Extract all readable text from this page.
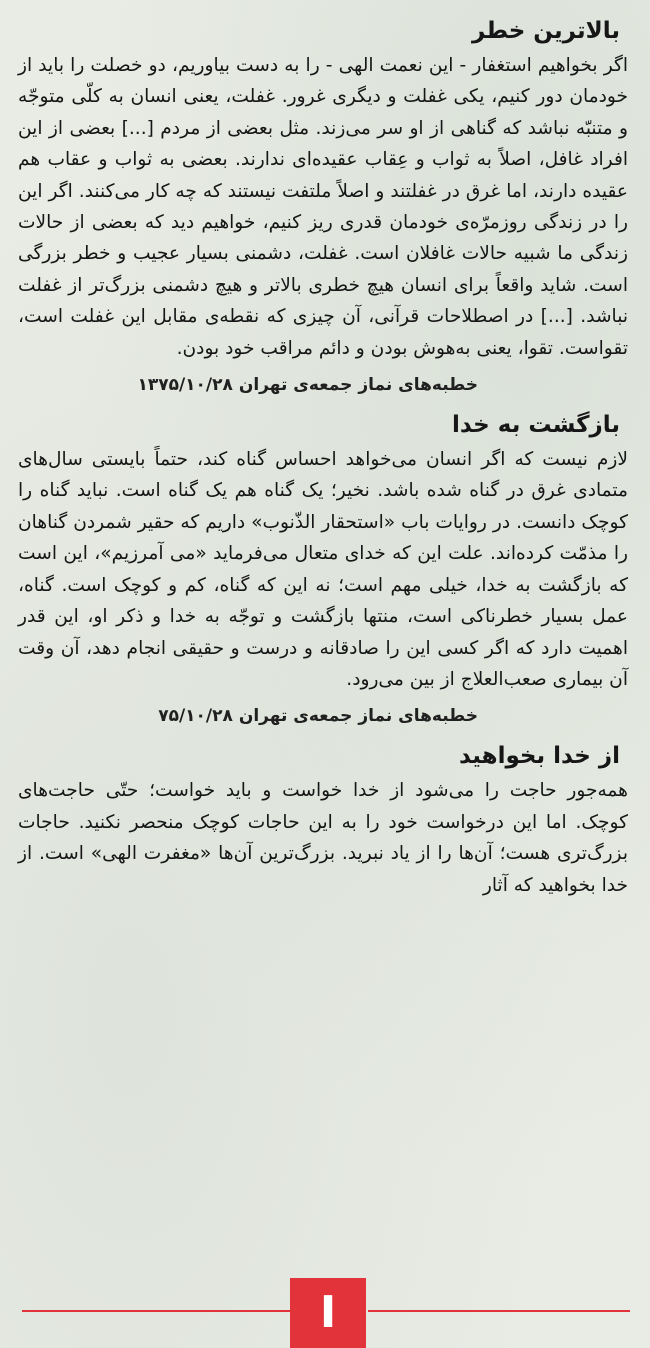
بالاترین خطر

اگر بخواهیم استغفار - این نعمت الهی - را به دست بیاوریم، دو خصلت را باید از خودمان دور کنیم، یکی غفلت و دیگری غرور. غفلت، یعنی انسان به کلّی متوجّه و متنبّه نباشد که گناهی از او سر می‌زند. مثل بعضی از مردم [...] بعضی از این افراد غافل، اصلاً به ثواب و عِقاب عقیده‌ای ندارند. بعضی به ثواب و عقاب هم عقیده دارند، اما غرق در غفلتند و اصلاً ملتفت نیستند که چه کار می‌کنند. اگر این را در زندگی روزمرّه‌ی خودمان قدری ریز کنیم، خواهیم دید که بعضی از حالات زندگی ما شبیه حالات غافلان است. غفلت، دشمنی بسیار عجیب و خطر بزرگی است. شاید واقعاً برای انسان هیچ خطری بالاتر و هیچ دشمنی بزرگ‌تر از غفلت نباشد. [...] در اصطلاحات قرآنی، آن چیزی که نقطه‌ی مقابل این غفلت است، تقواست. تقوا، یعنی به‌هوش بودن و دائم مراقب خود بودن.

خطبه‌های نماز جمعه‌ی تهران ۱۳۷۵/۱۰/۲۸
بازگشت به خدا

لازم نیست که اگر انسان می‌خواهد احساس گناه کند، حتماً بایستی سال‌های متمادی غرق در گناه شده باشد. نخیر؛ یک گناه هم یک گناه است. نباید گناه را کوچک دانست. در روایات باب «استحقار الذّنوب» داریم که حقیر شمردن گناهان را مذمّت کرده‌اند. علت این که خدای متعال می‌فرماید «می آمرزیم»، این است که بازگشت به خدا، خیلی مهم است؛ نه این که گناه، کم و کوچک است. گناه، عمل بسیار خطرناکی است، منتها بازگشت و توجّه به خدا و ذکر او، این قدر اهمیت دارد که اگر کسی این را صادقانه و درست و حقیقی انجام دهد، آن وقت آن بیماری صعب‌العلاج از بین می‌رود.

خطبه‌های نماز جمعه‌ی تهران ۷۵/۱۰/۲۸
از خدا بخواهید

همه‌جور حاجت را می‌شود از خدا خواست و باید خواست؛ حتّی حاجت‌های کوچک. اما این درخواست خود را به این حاجات کوچک منحصر نکنید. حاجات بزرگ‌تری هست؛ آن‌ها را از یاد نبرید. بزرگ‌ترین آن‌ها «مغفرت الهی» است. از خدا بخواهید که آثار

I
